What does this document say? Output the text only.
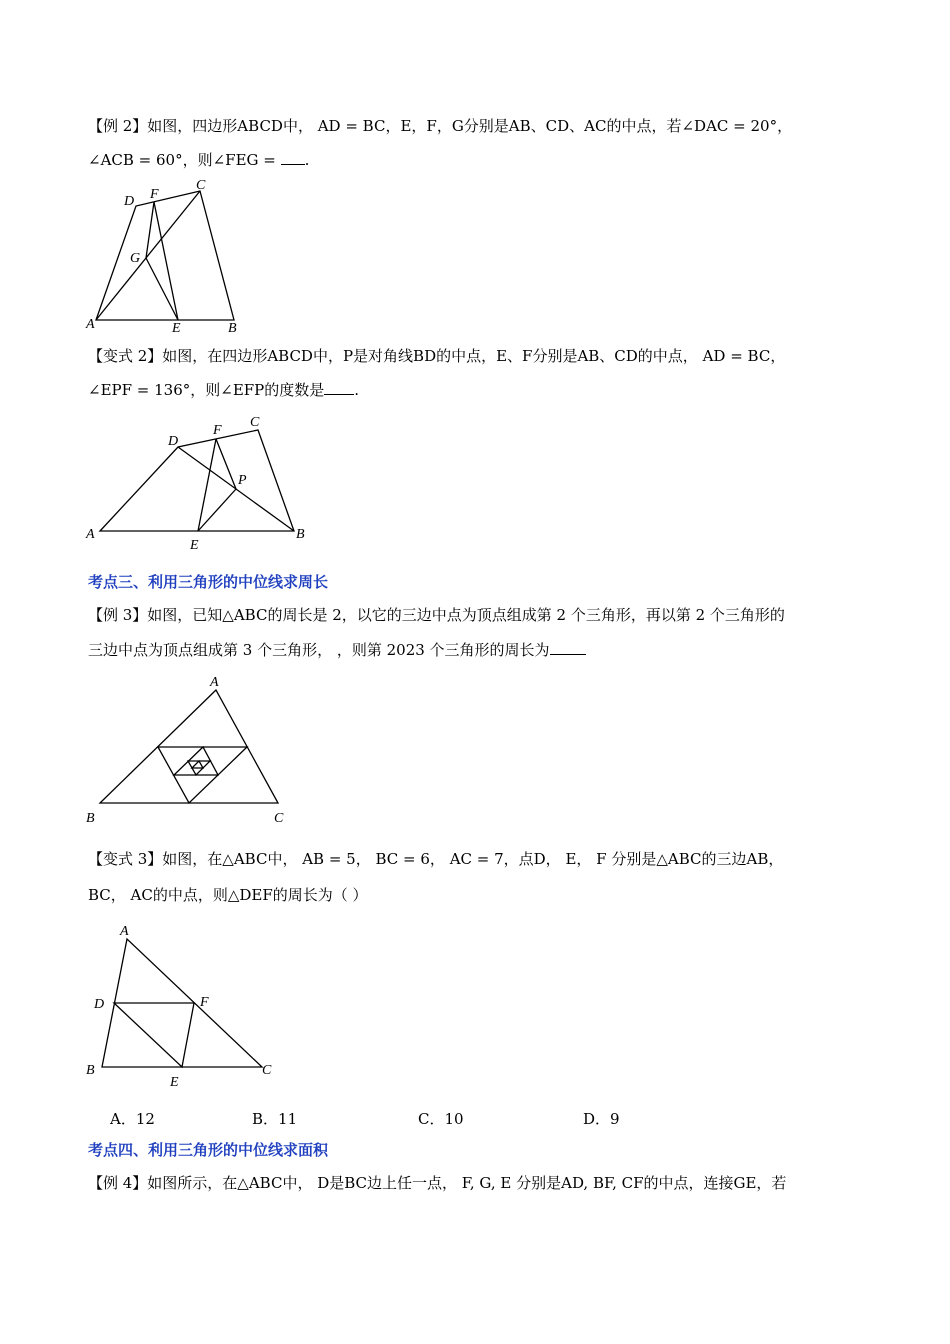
【例 2】如图，四边形ABCD中， AD = BC，E，F，G分别是AB、CD、AC的中点，若∠DAC = 20°，
∠ACB = 60°，则∠FEG = .
D F
C
G
A	E	B
【变式 2】如图，在四边形ABCD中，P是对角线BD的中点，E、F分别是AB、CD的中点， AD = BC，
∠EPF = 136°，则∠EFP的度数是 .
D
F
C
P
A
E
B
考点三、利用三角形的中位线求周长
【例 3】如图，已知△ABC的周长是 2，以它的三边中点为顶点组成第 2 个三角形，再以第 2 个三角形的
三边中点为顶点组成第 3 个三角形， ，则第 2023 个三角形的周长为
A
B	C
【变式 3】如图，在△ABC中， AB = 5， BC = 6， AC = 7，点D， E， F 分别是△ABC的三边AB，
BC， AC的中点，则△DEF的周长为（ ）
A
D	F
B
E
C
A．12	B．11	C．10	D．9
考点四、利用三角形的中位线求面积
【例 4】如图所示，在△ABC中， D是BC边上任一点， F, G, E 分别是AD, BF, CF的中点，连接GE，若
